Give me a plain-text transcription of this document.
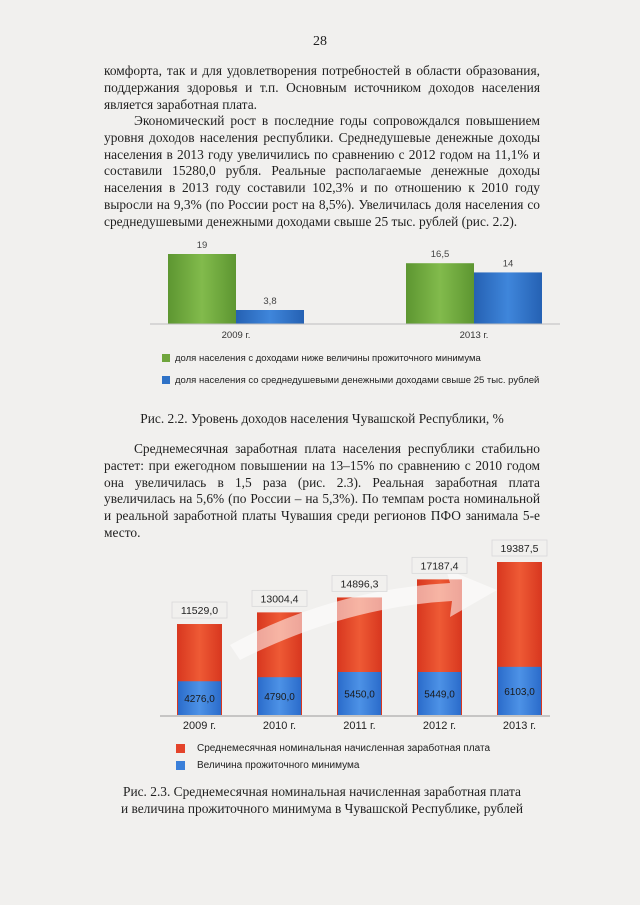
28

комфорта, так и для удовлетворения потребностей в области образования, поддержания здоровья и т.п. Основным источником доходов населения является заработная плата.

Экономический рост в последние годы сопровождался повышением уровня доходов населения республики. Среднедушевые денежные доходы населения в 2013 году увеличились по сравнению с 2012 годом на 11,1% и составили 15280,0 рубля. Реальные располагаемые денежные доходы населения в 2013 году составили 102,3% и по отношению к 2010 году выросли на 9,3% (по России рост на 8,5%). Увеличилась доля населения со среднедушевыми денежными доходами свыше 25 тыс. рублей (рис. 2.2).

19
3,8
16,5
14
2009 г.	2013 г.
доля населения с доходами ниже величины прожиточного минимума
доля населения со среднедушевыми денежными доходами свыше 25 тыс. рублей
Рис. 2.2. Уровень доходов населения Чувашской Республики, %

Среднемесячная заработная плата населения республики стабильно растет: при ежегодном повышении на 13–15% по сравнению с 2010 годом она увеличилась в 1,5 раза (рис. 2.3). Реальная заработная плата увеличилась на 5,6% (по России – на 5,3%). По темпам роста номинальной и реальной заработной платы Чувашия среди регионов ПФО занимала 5-е место.

11529,0
4276,0
13004,4
4790,0
14896,3
5450,0
17187,4
5449,0
19387,5
6103,0
2009 г.	2010 г.	2011 г.	2012 г.	2013 г.
Среднемесячная номинальная начисленная заработная плата
Величина прожиточного минимума
Рис. 2.3. Среднемесячная номинальная начисленная заработная плата
и величина прожиточного минимума в Чувашской Республике, рублей
